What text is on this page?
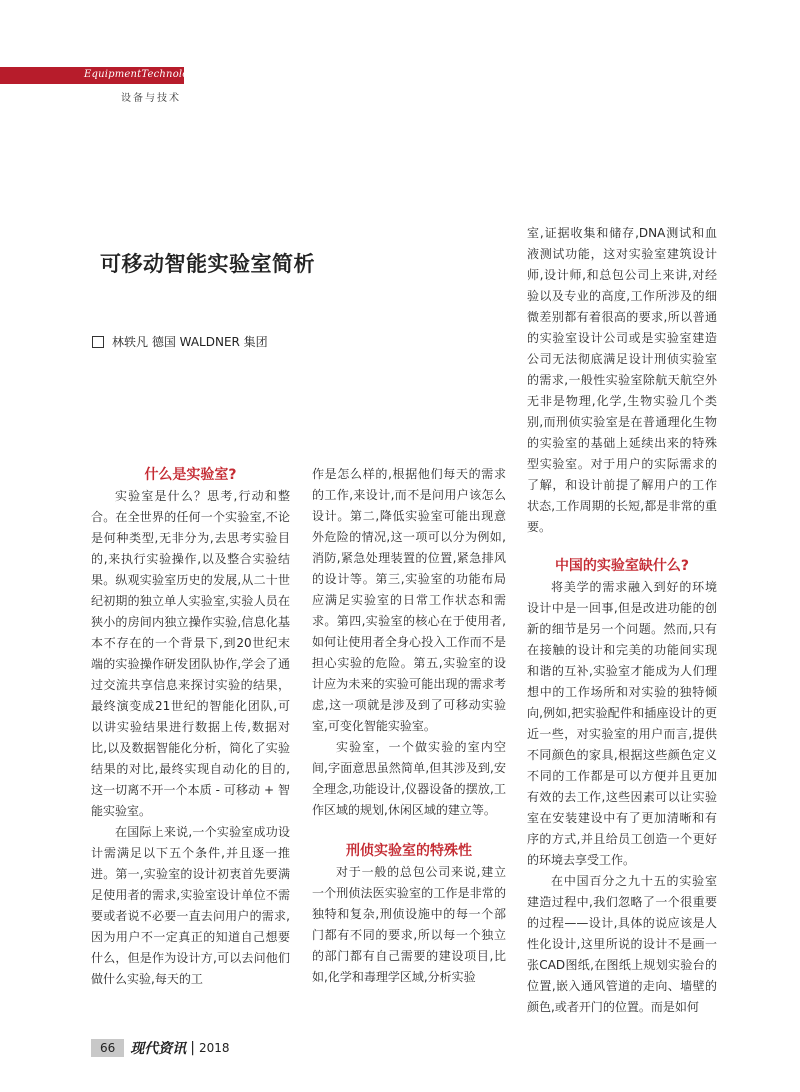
EquipmentTechnology
设备与技术
可移动智能实验室简析
林轶凡 德国 WALDNER 集团

什么是实验室?

实验室是什么？思考,行动和整合。在全世界的任何一个实验室,不论是何种类型,无非分为,去思考实验目的,来执行实验操作,以及整合实验结果。纵观实验室历史的发展,从二十世纪初期的独立单人实验室,实验人员在狭小的房间内独立操作实验,信息化基本不存在的一个背景下,到20世纪末端的实验操作研发团队协作,学会了通过交流共享信息来探讨实验的结果，最终演变成21世纪的智能化团队,可以讲实验结果进行数据上传,数据对比,以及数据智能化分析，简化了实验结果的对比,最终实现自动化的目的,这一切离不开一个本质 - 可移动 + 智能实验室。

在国际上来说,一个实验室成功设计需满足以下五个条件,并且逐一推进。第一,实验室的设计初衷首先要满足使用者的需求,实验室设计单位不需要或者说不必要一直去问用户的需求,因为用户不一定真正的知道自己想要什么，但是作为设计方,可以去问他们做什么实验,每天的工

作是怎么样的,根据他们每天的需求的工作,来设计,而不是问用户该怎么设计。第二,降低实验室可能出现意外危险的情况,这一项可以分为例如,消防,紧急处理装置的位置,紧急排风的设计等。第三,实验室的功能布局应满足实验室的日常工作状态和需求。第四,实验室的核心在于使用者,如何让使用者全身心投入工作而不是担心实验的危险。第五,实验室的设计应为未来的实验可能出现的需求考虑,这一项就是涉及到了可移动实验室,可变化智能实验室。

实验室，一个做实验的室内空间,字面意思虽然简单,但其涉及到,安全理念,功能设计,仪器设备的摆放,工作区域的规划,休闲区域的建立等。

刑侦实验室的特殊性

对于一般的总包公司来说,建立一个刑侦法医实验室的工作是非常的独特和复杂,刑侦设施中的每一个部门都有不同的要求,所以每一个独立的部门都有自己需要的建设项目,比如,化学和毒理学区域,分析实验

室,证据收集和储存,DNA测试和血液测试功能，这对实验室建筑设计师,设计师,和总包公司上来讲,对经验以及专业的高度,工作所涉及的细微差别都有着很高的要求,所以普通的实验室设计公司或是实验室建造公司无法彻底满足设计刑侦实验室的需求,一般性实验室除航天航空外无非是物理,化学,生物实验几个类别,而刑侦实验室是在普通理化生物的实验室的基础上延续出来的特殊型实验室。对于用户的实际需求的了解，和设计前提了解用户的工作状态,工作周期的长短,都是非常的重要。

中国的实验室缺什么?

将美学的需求融入到好的环境设计中是一回事,但是改进功能的创新的细节是另一个问题。然而,只有在接触的设计和完美的功能间实现和谐的互补,实验室才能成为人们理想中的工作场所和对实验的独特倾向,例如,把实验配件和插座设计的更近一些，对实验室的用户而言,提供不同颜色的家具,根据这些颜色定义不同的工作都是可以方便并且更加有效的去工作,这些因素可以让实验室在安装建设中有了更加清晰和有序的方式,并且给员工创造一个更好的环境去享受工作。

在中国百分之九十五的实验室建造过程中,我们忽略了一个很重要的过程——设计,具体的说应该是人性化设计,这里所说的设计不是画一张CAD图纸,在图纸上规划实验台的位置,嵌入通风管道的走向、墙壁的颜色,或者开门的位置。而是如何

66	现代资讯 | 2018
